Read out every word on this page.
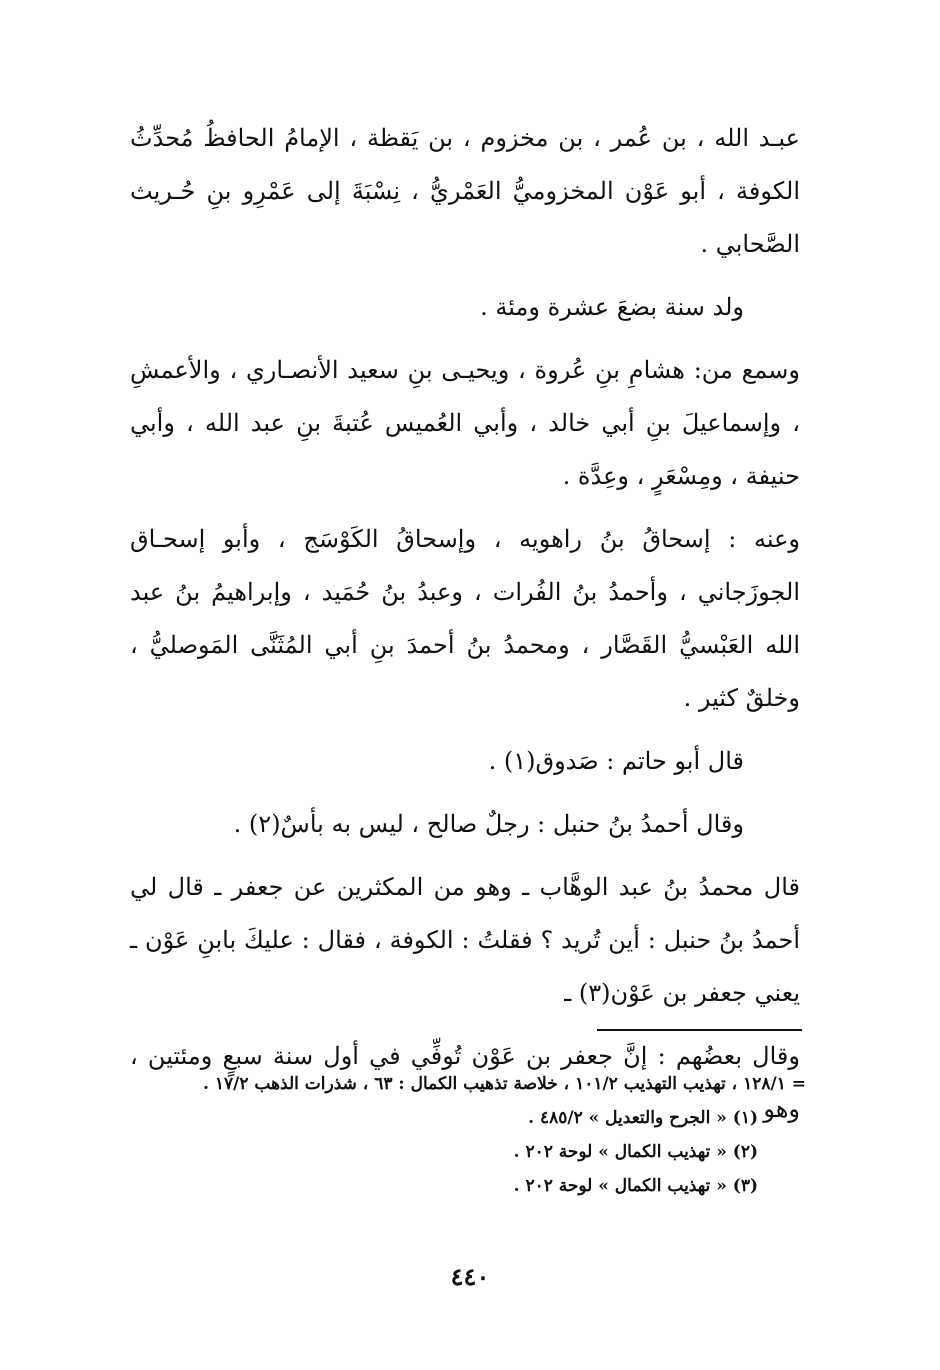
عبـد الله ، بن عُمر ، بن مخزوم ، بن يَقظة ، الإمامُ الحافظُ مُحدِّثُ الكوفة ، أبو عَوْن المخزوميُّ العَمْريُّ ، نِسْبَةَ إلى عَمْرِو بنِ حُـريث الصَّحابي .

ولد سنة بضعَ عشرة ومئة .

وسمع من: هشامِ بنِ عُروة ، ويحيـى بنِ سعيد الأنصـاري ، والأعمشِ ، وإسماعيلَ بنِ أبي خالد ، وأبي العُميس عُتبةَ بنِ عبد الله ، وأبي حنيفة ، ومِسْعَرٍ ، وعِدَّة .

وعنه : إسحاقُ بنُ راهويه ، وإسحاقُ الكَوْسَج ، وأبو إسحـاق الجوزَجاني ، وأحمدُ بنُ الفُرات ، وعبدُ بنُ حُمَيد ، وإبراهيمُ بنُ عبد الله العَبْسيُّ القَصَّار ، ومحمدُ بنُ أحمدَ بنِ أبي المُثَنَّى المَوصليُّ ، وخلقٌ كثير .

قال أبو حاتم : صَدوق(١) .

وقال أحمدُ بنُ حنبل : رجلٌ صالح ، ليس به بأسٌ(٢) .

قال محمدُ بنُ عبد الوهَّاب ـ وهو من المكثرين عن جعفر ـ قال لي أحمدُ بنُ حنبل : أين تُريد ؟ فقلتُ : الكوفة ، فقال : عليكَ بابنِ عَوْن ـ يعني جعفر بن عَوْن(٣) ـ

وقال بعضُهم : إنَّ جعفر بن عَوْن تُوفِّي في أول سنة سبعٍ ومئتين ، وهو

= ١٢٨/١ ، تهذيب التهذيب ١٠١/٢ ، خلاصة تذهيب الكمال : ٦٣ ، شذرات الذهب ١٧/٢ .

(١) « الجرح والتعديل » ٤٨٥/٢ .

(٢) « تهذيب الكمال » لوحة ٢٠٢ .

(٣) « تهذيب الكمال » لوحة ٢٠٢ .

٤٤٠
